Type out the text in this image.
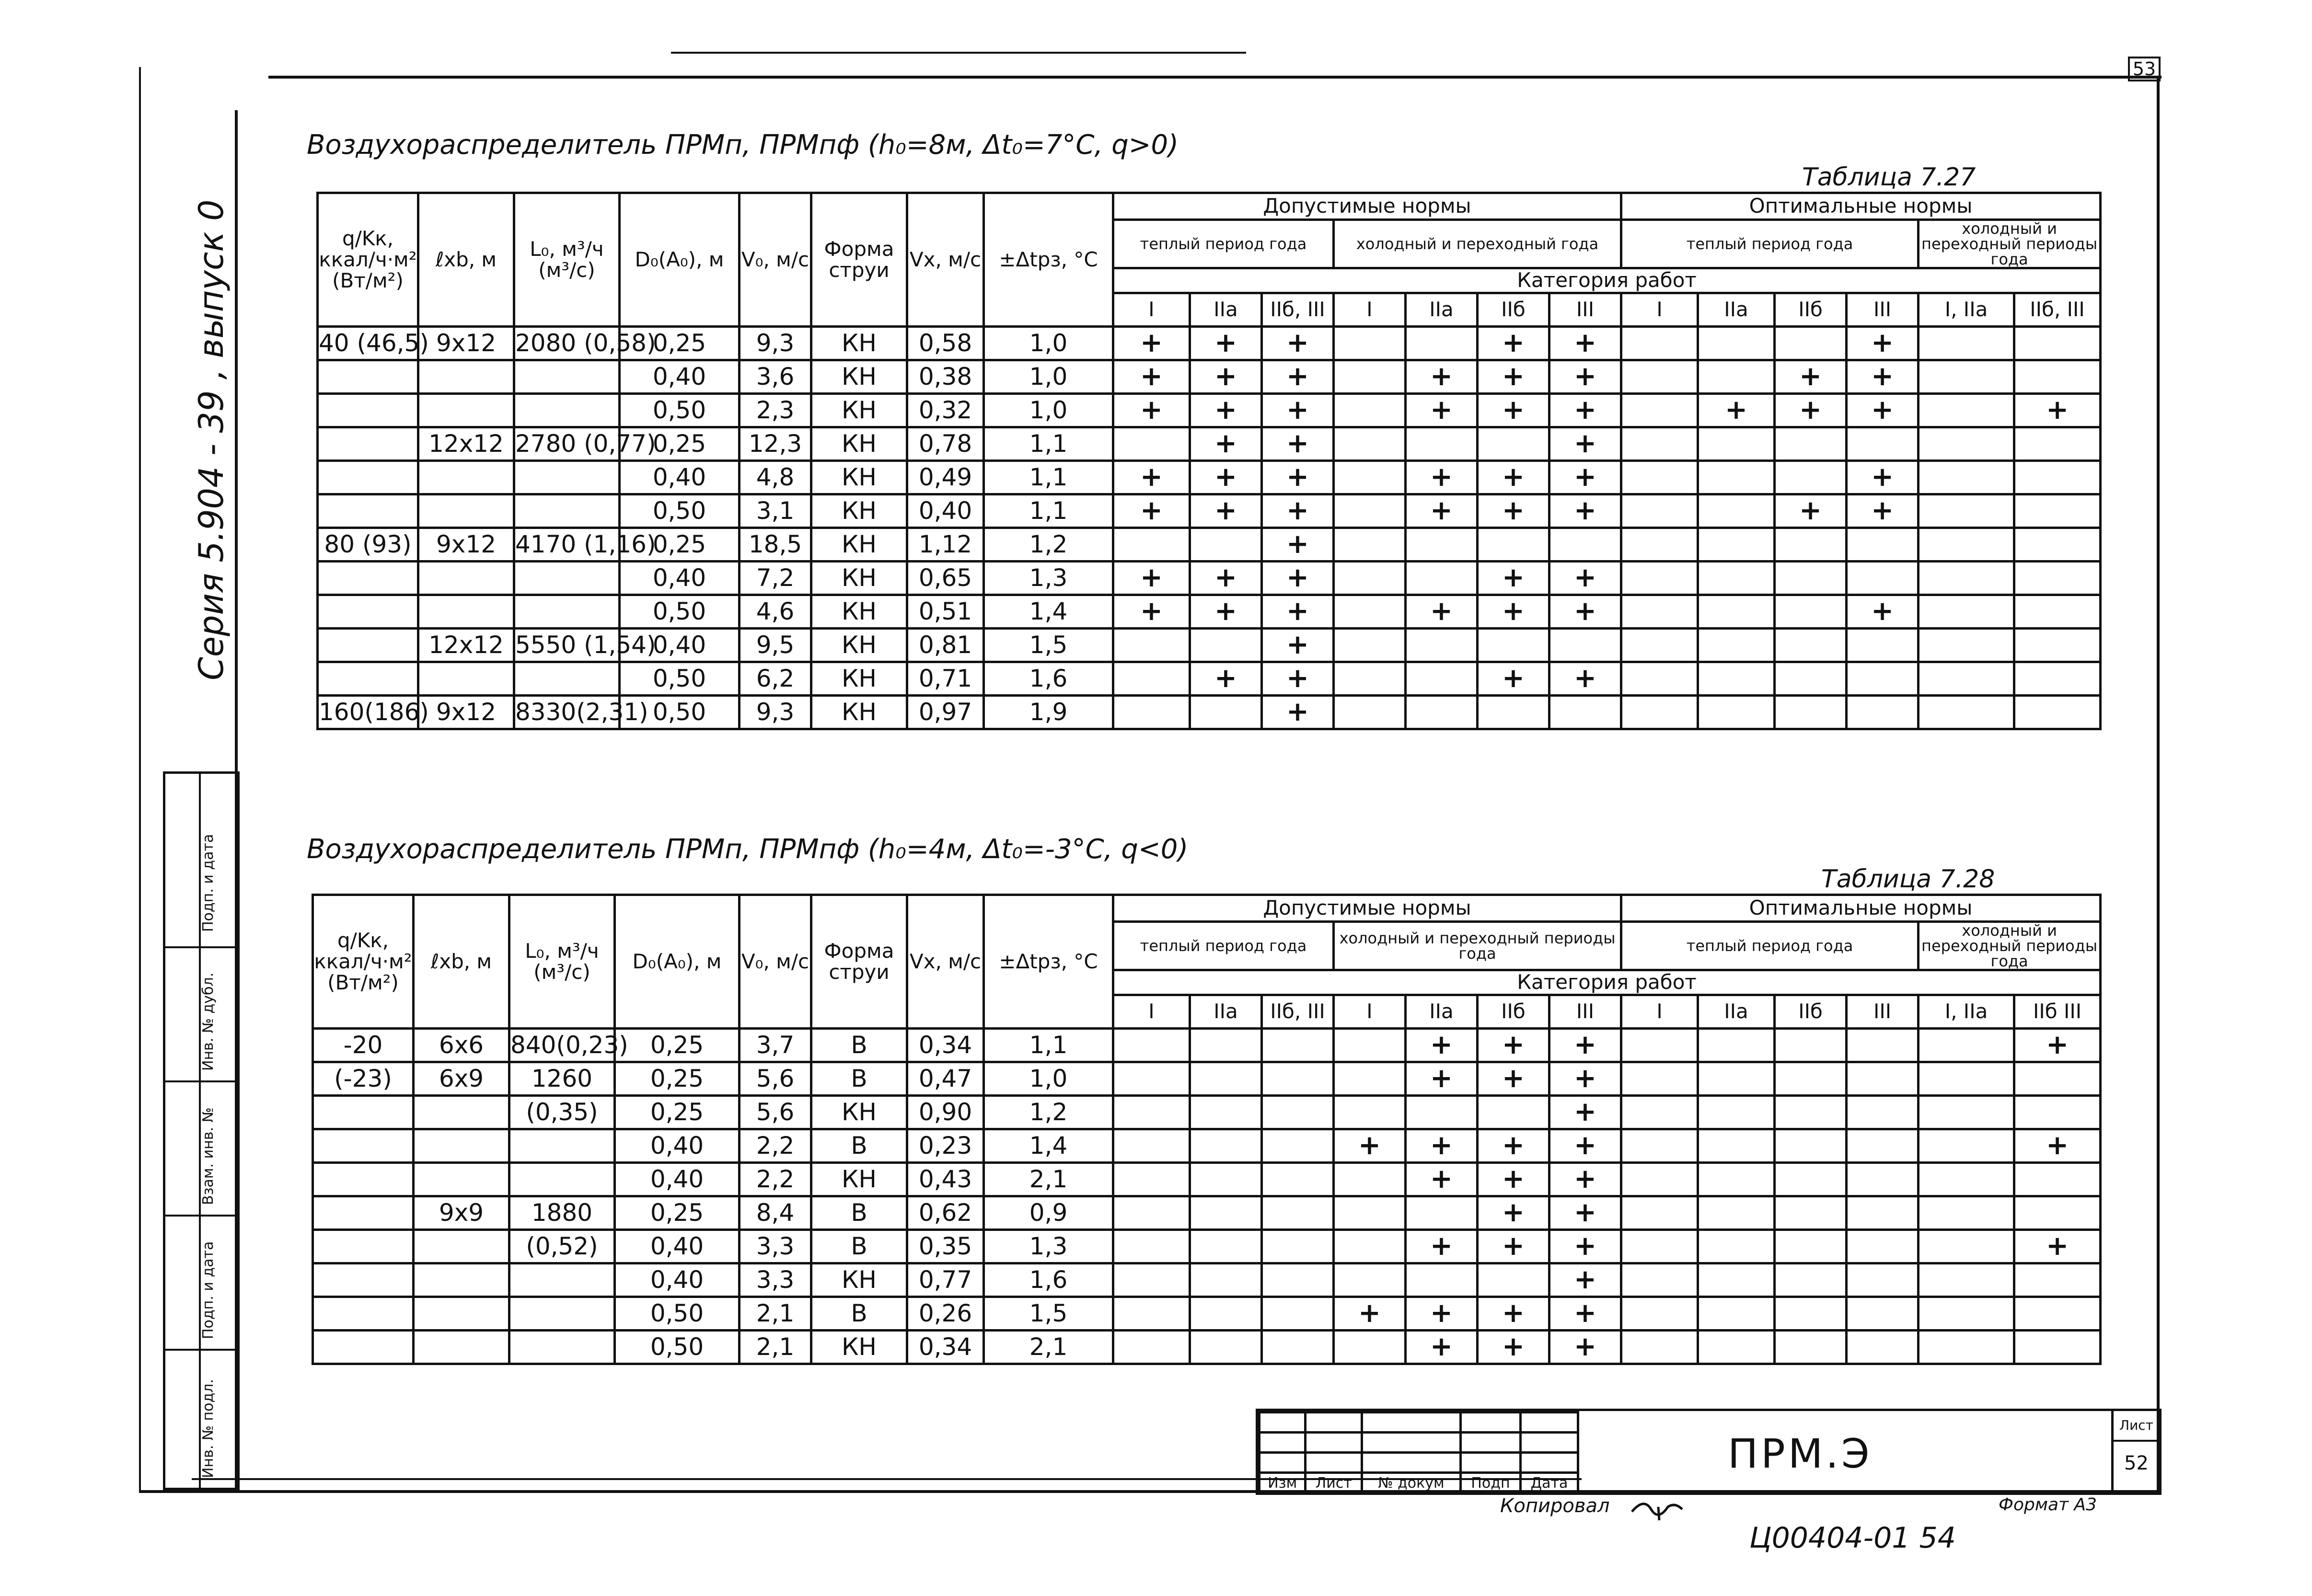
53
Серия 5.904 - 39 , выпуск 0
Подп. и дата
Инв. № дубл.
Взам. инв. №
Подп. и дата
Инв. № подл.
Воздухораспределитель ПРМп, ПРМпф (h₀=8м, Δt₀=7°C, q>0)
Таблица 7.27
q/Kк, ккал/ч·м² (Вт/м²)	ℓxb, м	L₀, м³/ч (м³/с)	D₀(A₀), м	V₀, м/с	Форма струи	Vx, м/с	±Δtрз, °C	Допустимые нормы							Оптимальные нормы					
								теплый период года			холодный и переходный года				теплый период года				холодный и переходный периоды года	
								Категория работ												
								I	IIа	IIб, III	I	IIа	IIб	III	I	IIа	IIб	III	I, IIа	IIб, III
40 (46,5)	9x12	2080 (0,58)	0,25	9,3	КН	0,58	1,0	+	+	+			+	+				+		
			0,40	3,6	КН	0,38	1,0	+	+	+		+	+	+			+	+		
			0,50	2,3	КН	0,32	1,0	+	+	+		+	+	+		+	+	+		+
	12x12	2780 (0,77)	0,25	12,3	КН	0,78	1,1		+	+				+						
			0,40	4,8	КН	0,49	1,1	+	+	+		+	+	+				+		
			0,50	3,1	КН	0,40	1,1	+	+	+		+	+	+			+	+		
80 (93)	9x12	4170 (1,16)	0,25	18,5	КН	1,12	1,2			+										
			0,40	7,2	КН	0,65	1,3	+	+	+			+	+						
			0,50	4,6	КН	0,51	1,4	+	+	+		+	+	+				+		
	12x12	5550 (1,54)	0,40	9,5	КН	0,81	1,5			+										
			0,50	6,2	КН	0,71	1,6		+	+			+	+						
160(186)	9x12	8330(2,31)	0,50	9,3	КН	0,97	1,9			+										
Воздухораспределитель ПРМп, ПРМпф (h₀=4м, Δt₀=-3°C, q<0)
Таблица 7.28
q/Kк, ккал/ч·м² (Вт/м²)	ℓxb, м	L₀, м³/ч (м³/с)	D₀(A₀), м	V₀, м/с	Форма струи	Vx, м/с	±Δtрз, °C	Допустимые нормы							Оптимальные нормы					
								теплый период года			холодный и переходный периоды года				теплый период года				холодный и переходный периоды года	
								Категория работ												
								I	IIа	IIб, III	I	IIа	IIб	III	I	IIа	IIб	III	I, IIа	IIб III
-20	6x6	840(0,23)	0,25	3,7	В	0,34	1,1					+	+	+						+
(-23)	6x9	1260	0,25	5,6	В	0,47	1,0					+	+	+						
		(0,35)	0,25	5,6	КН	0,90	1,2							+						
			0,40	2,2	В	0,23	1,4				+	+	+	+						+
			0,40	2,2	КН	0,43	2,1					+	+	+						
	9x9	1880	0,25	8,4	В	0,62	0,9						+	+						
		(0,52)	0,40	3,3	В	0,35	1,3					+	+	+						+
			0,40	3,3	КН	0,77	1,6							+						
			0,50	2,1	В	0,26	1,5				+	+	+	+						
			0,50	2,1	КН	0,34	2,1					+	+	+						

Изм	Лист	№ докум	Подп	Дата
ПРМ.Э
Лист
52
Копировал	Формат А3
Ц00404-01 54
